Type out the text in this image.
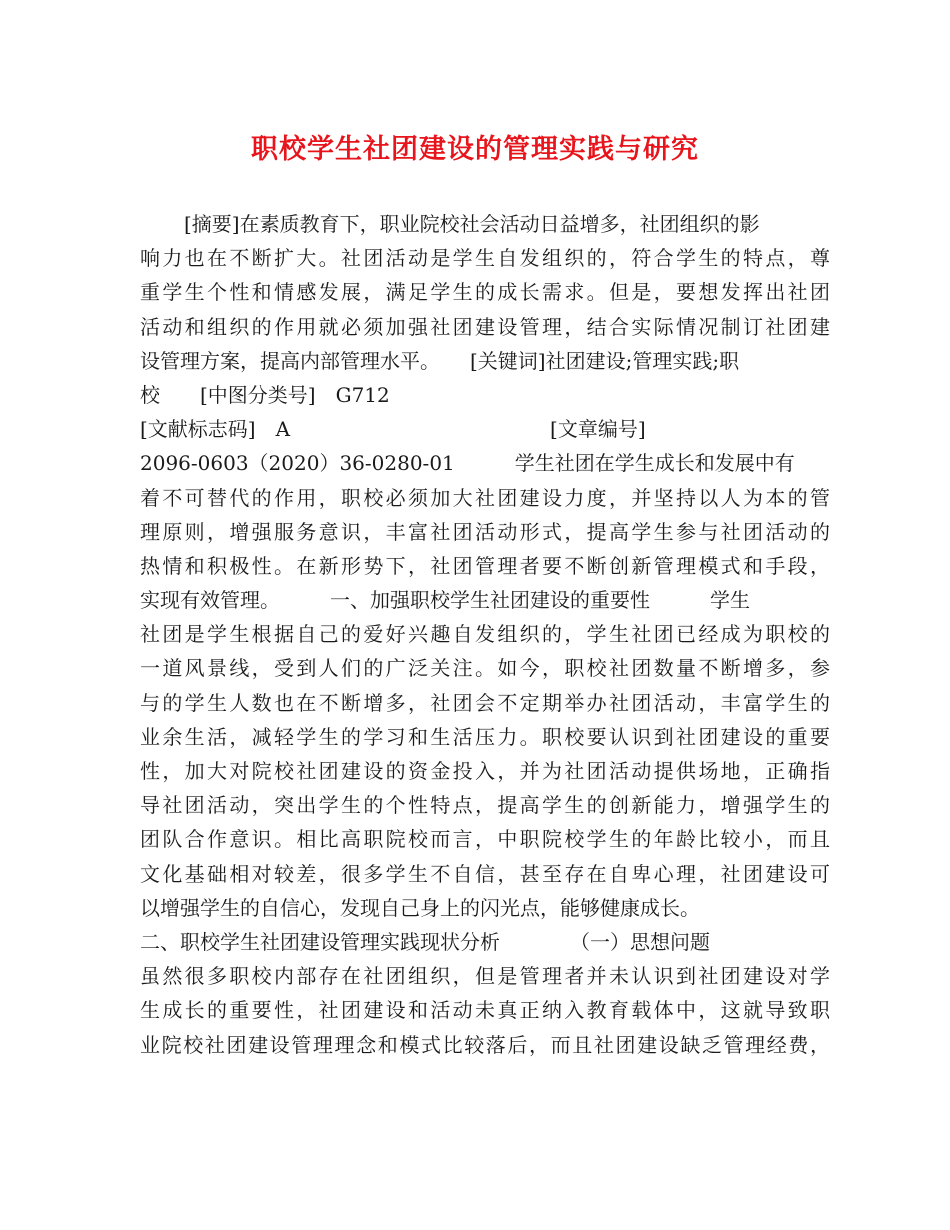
职校学生社团建设的管理实践与研究
[摘要]在素质教育下，职业院校社会活动日益增多，社团组织的影
响力也在不断扩大。社团活动是学生自发组织的，符合学生的特点，尊
重学生个性和情感发展，满足学生的成长需求。但是，要想发挥出社团
活动和组织的作用就必须加强社团建设管理，结合实际情况制订社团建
设管理方案，提高内部管理水平。　　[关键词]社团建设;管理实践;职
校　　[中图分类号]　G712
[文献标志码]　A　　　　　　　　　　　　　[文章编号]
2096-0603（2020）36-0280-01　　　学生社团在学生成长和发展中有
着不可替代的作用，职校必须加大社团建设力度，并坚持以人为本的管
理原则，增强服务意识，丰富社团活动形式，提高学生参与社团活动的
热情和积极性。在新形势下，社团管理者要不断创新管理模式和手段，
实现有效管理。　　　一、加强职校学生社团建设的重要性　　　学生
社团是学生根据自己的爱好兴趣自发组织的，学生社团已经成为职校的
一道风景线，受到人们的广泛关注。如今，职校社团数量不断增多，参
与的学生人数也在不断增多，社团会不定期举办社团活动，丰富学生的
业余生活，减轻学生的学习和生活压力。职校要认识到社团建设的重要
性，加大对院校社团建设的资金投入，并为社团活动提供场地，正确指
导社团活动，突出学生的个性特点，提高学生的创新能力，增强学生的
团队合作意识。相比高职院校而言，中职院校学生的年龄比较小，而且
文化基础相对较差，很多学生不自信，甚至存在自卑心理，社团建设可
以增强学生的自信心，发现自己身上的闪光点，能够健康成长。
二、职校学生社团建设管理实践现状分析　　　　（一）思想问题
虽然很多职校内部存在社团组织，但是管理者并未认识到社团建设对学
生成长的重要性，社团建设和活动未真正纳入教育载体中，这就导致职
业院校社团建设管理理念和模式比较落后，而且社团建设缺乏管理经费，
